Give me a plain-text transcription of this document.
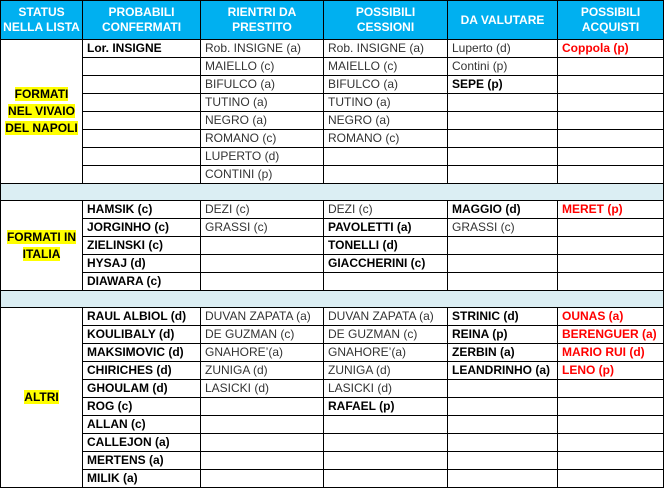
STATUS NELLA LISTA	PROBABILI CONFERMATI	RIENTRI DA PRESTITO	POSSIBILI CESSIONI	DA VALUTARE	POSSIBILI ACQUISTI
FORMATI NEL VIVAIO DEL NAPOLI	Lor. INSIGNE	Rob. INSIGNE (a)	Rob. INSIGNE (a)	Luperto (d)	Coppola (p)
		MAIELLO (c)	MAIELLO (c)	Contini (p)	
		BIFULCO (a)	BIFULCO (a)	SEPE (p)	
		TUTINO (a)	TUTINO (a)		
		NEGRO (a)	NEGRO (a)		
		ROMANO (c)	ROMANO (c)		
		LUPERTO (d)			
		CONTINI (p)			

FORMATI IN ITALIA	HAMSIK (c)	DEZI (c)	DEZI (c)	MAGGIO (d)	MERET (p)
	JORGINHO (c)	GRASSI (c)	PAVOLETTI (a)	GRASSI (c)	
	ZIELINSKI (c)		TONELLI (d)		
	HYSAJ (d)		GIACCHERINI (c)		
	DIAWARA (c)				

ALTRI	RAUL ALBIOL (d)	DUVAN ZAPATA (a)	DUVAN ZAPATA (a)	STRINIC (d)	OUNAS (a)
	KOULIBALY (d)	DE GUZMAN (c)	DE GUZMAN (c)	REINA (p)	BERENGUER (a)
	MAKSIMOVIC (d)	GNAHORE’(a)	GNAHORE’(a)	ZERBIN (a)	MARIO RUI (d)
	CHIRICHES (d)	ZUNIGA (d)	ZUNIGA (d)	LEANDRINHO (a)	LENO (p)
	GHOULAM (d)	LASICKI (d)	LASICKI (d)		
	ROG (c)		RAFAEL (p)		
	ALLAN (c)				
	CALLEJON (a)				
	MERTENS (a)				
	MILIK (a)				
